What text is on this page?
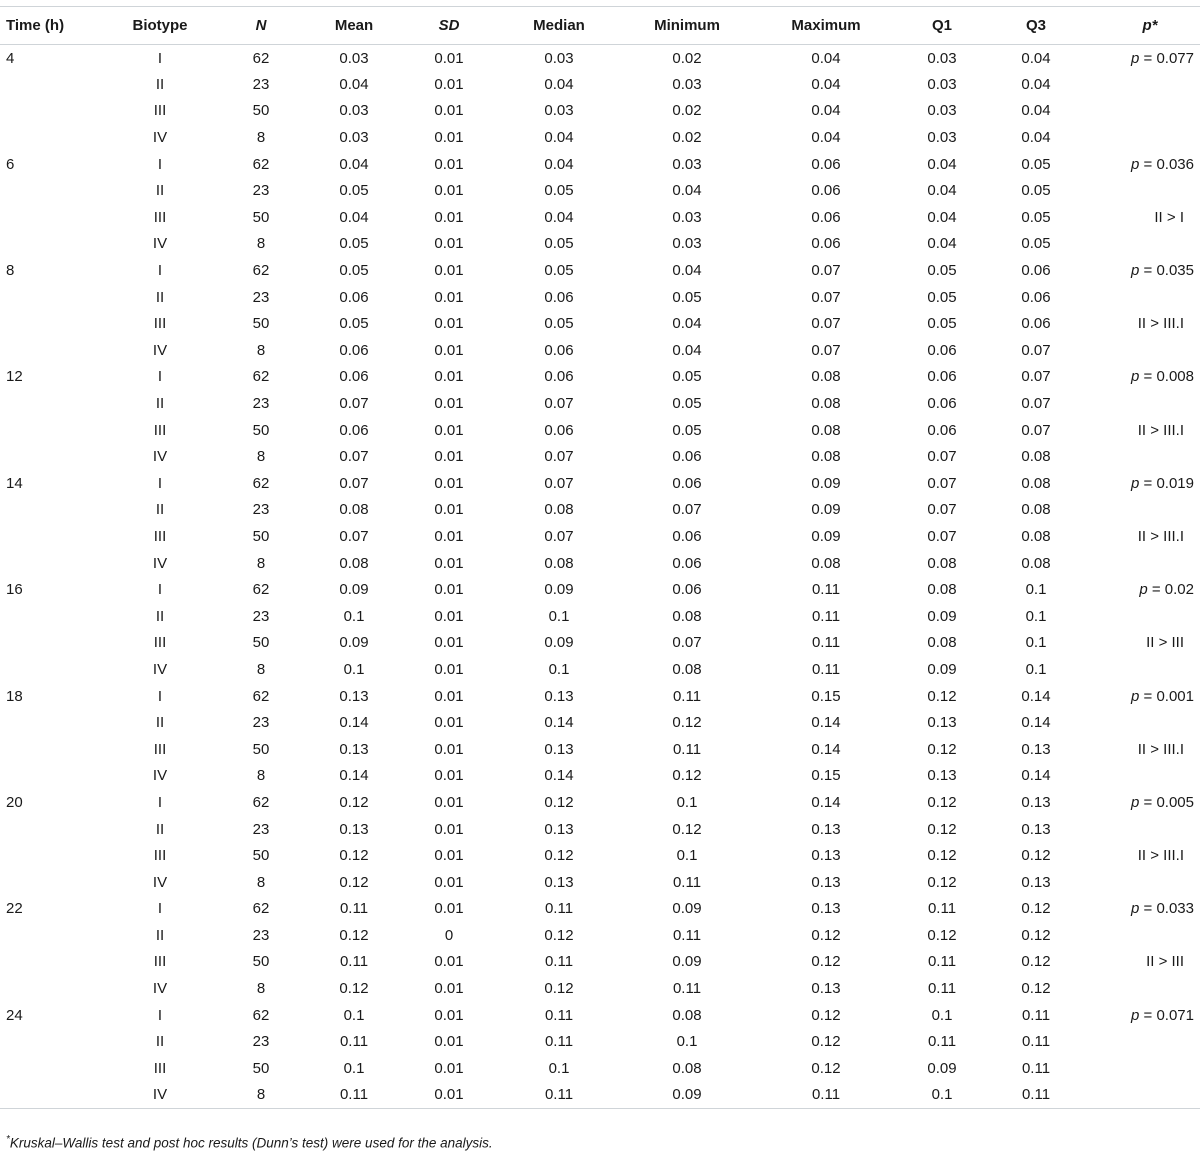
Time (h)	Biotype	N	Mean	SD	Median	Minimum	Maximum	Q1	Q3	p*
4	I	62	0.03	0.01	0.03	0.02	0.04	0.03	0.04	p = 0.077
	II	23	0.04	0.01	0.04	0.03	0.04	0.03	0.04	
	III	50	0.03	0.01	0.03	0.02	0.04	0.03	0.04	
	IV	8	0.03	0.01	0.04	0.02	0.04	0.03	0.04	
6	I	62	0.04	0.01	0.04	0.03	0.06	0.04	0.05	p = 0.036
	II	23	0.05	0.01	0.05	0.04	0.06	0.04	0.05	
	III	50	0.04	0.01	0.04	0.03	0.06	0.04	0.05	II > I
	IV	8	0.05	0.01	0.05	0.03	0.06	0.04	0.05	
8	I	62	0.05	0.01	0.05	0.04	0.07	0.05	0.06	p = 0.035
	II	23	0.06	0.01	0.06	0.05	0.07	0.05	0.06	
	III	50	0.05	0.01	0.05	0.04	0.07	0.05	0.06	II > III.I
	IV	8	0.06	0.01	0.06	0.04	0.07	0.06	0.07	
12	I	62	0.06	0.01	0.06	0.05	0.08	0.06	0.07	p = 0.008
	II	23	0.07	0.01	0.07	0.05	0.08	0.06	0.07	
	III	50	0.06	0.01	0.06	0.05	0.08	0.06	0.07	II > III.I
	IV	8	0.07	0.01	0.07	0.06	0.08	0.07	0.08	
14	I	62	0.07	0.01	0.07	0.06	0.09	0.07	0.08	p = 0.019
	II	23	0.08	0.01	0.08	0.07	0.09	0.07	0.08	
	III	50	0.07	0.01	0.07	0.06	0.09	0.07	0.08	II > III.I
	IV	8	0.08	0.01	0.08	0.06	0.08	0.08	0.08	
16	I	62	0.09	0.01	0.09	0.06	0.11	0.08	0.1	p = 0.02
	II	23	0.1	0.01	0.1	0.08	0.11	0.09	0.1	
	III	50	0.09	0.01	0.09	0.07	0.11	0.08	0.1	II > III
	IV	8	0.1	0.01	0.1	0.08	0.11	0.09	0.1	
18	I	62	0.13	0.01	0.13	0.11	0.15	0.12	0.14	p = 0.001
	II	23	0.14	0.01	0.14	0.12	0.14	0.13	0.14	
	III	50	0.13	0.01	0.13	0.11	0.14	0.12	0.13	II > III.I
	IV	8	0.14	0.01	0.14	0.12	0.15	0.13	0.14	
20	I	62	0.12	0.01	0.12	0.1	0.14	0.12	0.13	p = 0.005
	II	23	0.13	0.01	0.13	0.12	0.13	0.12	0.13	
	III	50	0.12	0.01	0.12	0.1	0.13	0.12	0.12	II > III.I
	IV	8	0.12	0.01	0.13	0.11	0.13	0.12	0.13	
22	I	62	0.11	0.01	0.11	0.09	0.13	0.11	0.12	p = 0.033
	II	23	0.12	0	0.12	0.11	0.12	0.12	0.12	
	III	50	0.11	0.01	0.11	0.09	0.12	0.11	0.12	II > III
	IV	8	0.12	0.01	0.12	0.11	0.13	0.11	0.12	
24	I	62	0.1	0.01	0.11	0.08	0.12	0.1	0.11	p = 0.071
	II	23	0.11	0.01	0.11	0.1	0.12	0.11	0.11	
	III	50	0.1	0.01	0.1	0.08	0.12	0.09	0.11	
	IV	8	0.11	0.01	0.11	0.09	0.11	0.1	0.11	
*Kruskal–Wallis test and post hoc results (Dunn’s test) were used for the analysis.
